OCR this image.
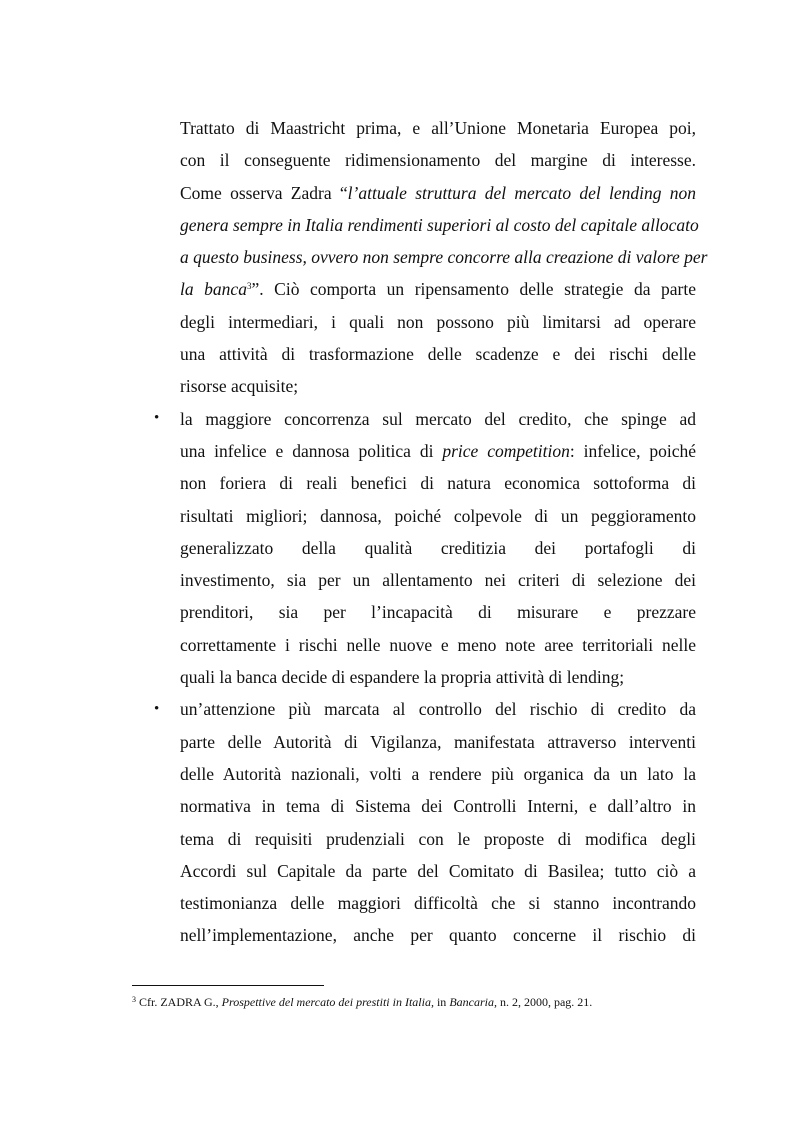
Trattato di Maastricht prima, e all’Unione Monetaria Europea poi,
con il conseguente ridimensionamento del margine di interesse.
Come osserva Zadra “l’attuale struttura del mercato del lending non
genera sempre in Italia rendimenti superiori al costo del capitale allocato
a questo business, ovvero non sempre concorre alla creazione di valore per
la banca$^3$”. Ciò comporta un ripensamento delle strategie da parte
degli intermediari, i quali non possono più limitarsi ad operare
una attività di trasformazione delle scadenze e dei rischi delle
risorse acquisite;
la maggiore concorrenza sul mercato del credito, che spinge ad
una infelice e dannosa politica di price competition: infelice, poiché
non foriera di reali benefici di natura economica sottoforma di
risultati migliori; dannosa, poiché colpevole di un peggioramento
generalizzato della qualità creditizia dei portafogli di
investimento, sia per un allentamento nei criteri di selezione dei
prenditori, sia per l’incapacità di misurare e prezzare
correttamente i rischi nelle nuove e meno note aree territoriali nelle
quali la banca decide di espandere la propria attività di lending;
un’attenzione più marcata al controllo del rischio di credito da
parte delle Autorità di Vigilanza, manifestata attraverso interventi
delle Autorità nazionali, volti a rendere più organica da un lato la
normativa in tema di Sistema dei Controlli Interni, e dall’altro in
tema di requisiti prudenziali con le proposte di modifica degli
Accordi sul Capitale da parte del Comitato di Basilea; tutto ciò a
testimonianza delle maggiori difficoltà che si stanno incontrando
nell’implementazione, anche per quanto concerne il rischio di
•
•
$^3$ Cfr. ZADRA G., Prospettive del mercato dei prestiti in Italia, in Bancaria, n. 2, 2000, pag. 21.
